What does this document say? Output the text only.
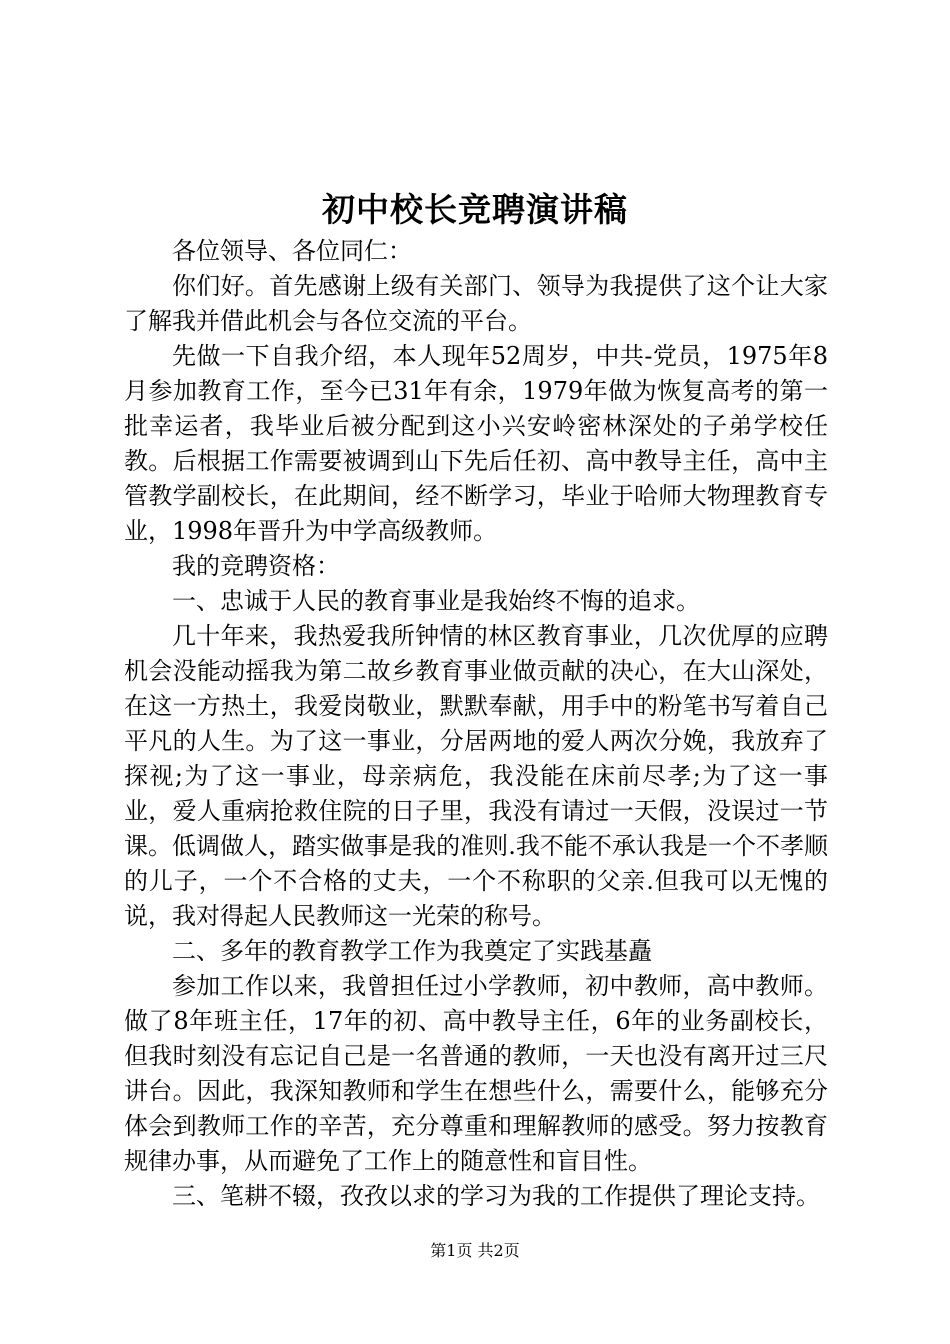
初中校长竞聘演讲稿

各位领导、各位同仁：

你们好。首先感谢上级有关部门、领导为我提供了这个让大家了解我并借此机会与各位交流的平台。

先做一下自我介绍，本人现年52周岁，中共-党员，1975年8月参加教育工作，至今已31年有余，1979年做为恢复高考的第一批幸运者，我毕业后被分配到这小兴安岭密林深处的子弟学校任教。后根据工作需要被调到山下先后任初、高中教导主任，高中主管教学副校长，在此期间，经不断学习，毕业于哈师大物理教育专业，1998年晋升为中学高级教师。

我的竞聘资格：

一、忠诚于人民的教育事业是我始终不悔的追求。

几十年来，我热爱我所钟情的林区教育事业，几次优厚的应聘机会没能动摇我为第二故乡教育事业做贡献的决心，在大山深处，在这一方热土，我爱岗敬业，默默奉献，用手中的粉笔书写着自己平凡的人生。为了这一事业，分居两地的爱人两次分娩，我放弃了探视;为了这一事业，母亲病危，我没能在床前尽孝;为了这一事业，爱人重病抢救住院的日子里，我没有请过一天假，没误过一节课。低调做人，踏实做事是我的准则.我不能不承认我是一个不孝顺的儿子，一个不合格的丈夫，一个不称职的父亲.但我可以无愧的说，我对得起人民教师这一光荣的称号。

二、多年的教育教学工作为我奠定了实践基矗

参加工作以来，我曾担任过小学教师，初中教师，高中教师。做了8年班主任，17年的初、高中教导主任，6年的业务副校长，但我时刻没有忘记自己是一名普通的教师，一天也没有离开过三尺讲台。因此，我深知教师和学生在想些什么，需要什么，能够充分体会到教师工作的辛苦，充分尊重和理解教师的感受。努力按教育规律办事，从而避免了工作上的随意性和盲目性。

三、笔耕不辍，孜孜以求的学习为我的工作提供了理论支持。

第1页 共2页
